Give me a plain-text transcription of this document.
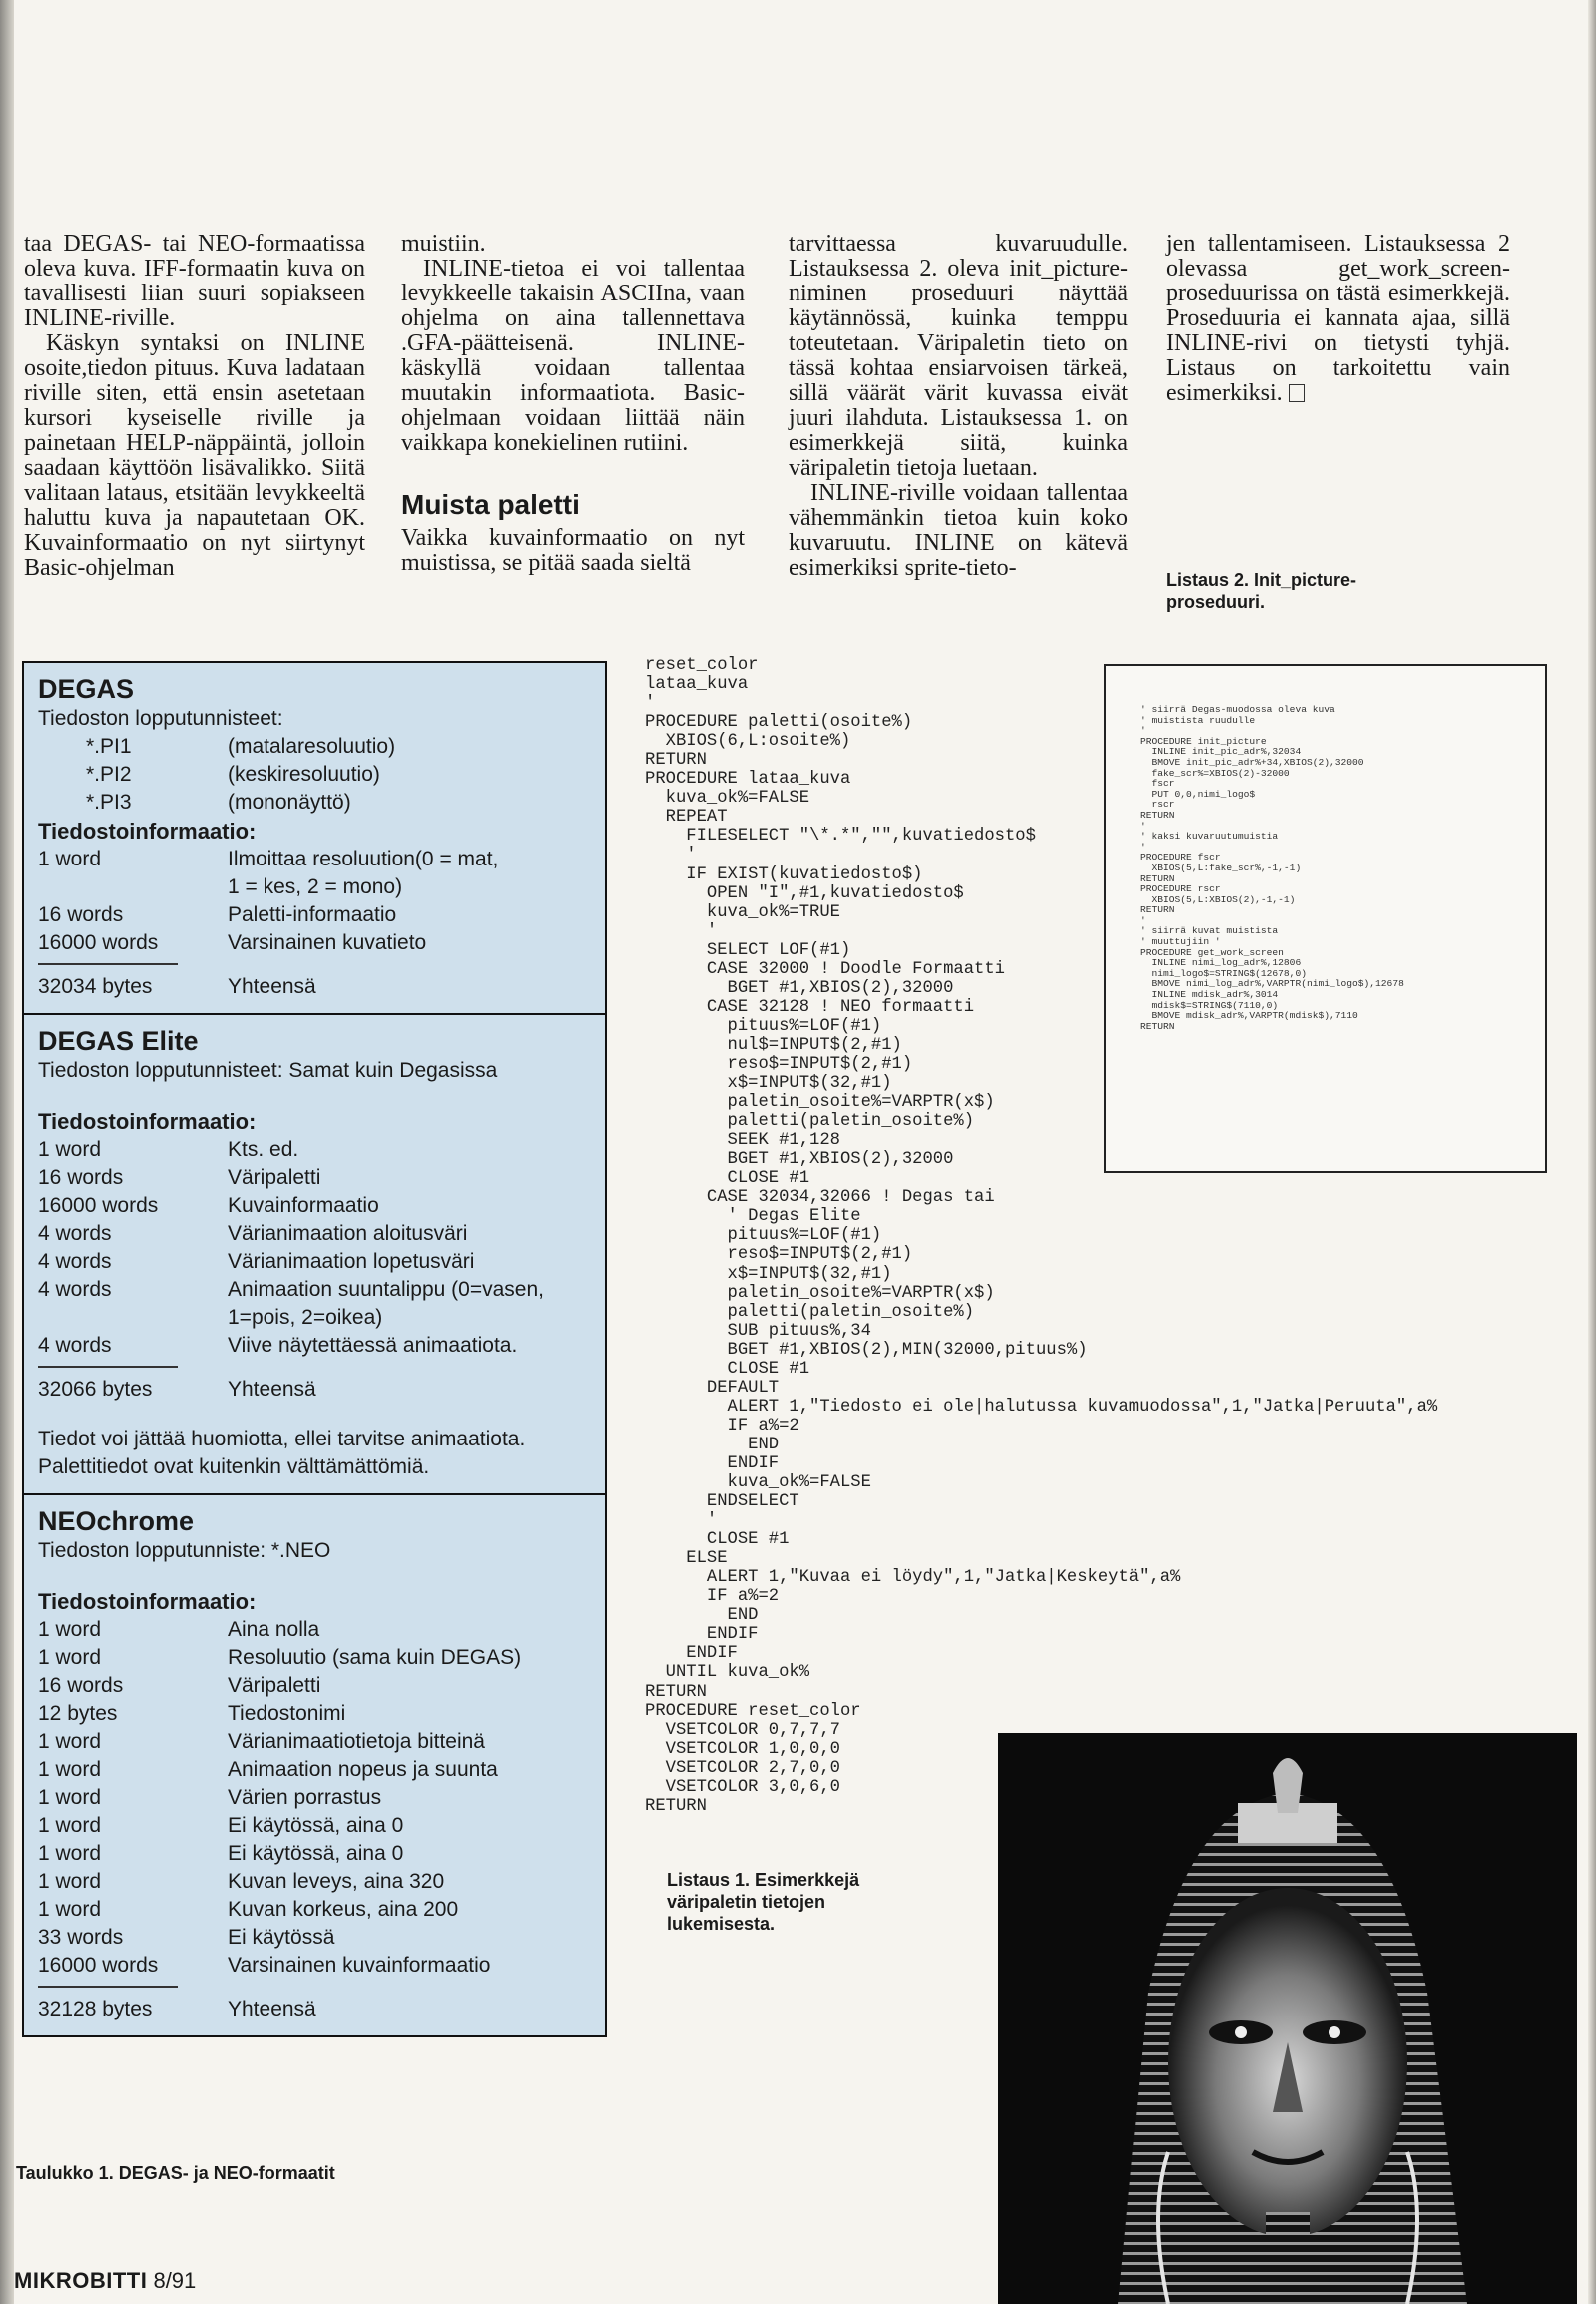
taa DEGAS- tai NEO-formaatissa oleva kuva. IFF-formaatin kuva on tavallisesti liian suuri sopiakseen INLINE-riville.

Käskyn syntaksi on INLINE osoite,tiedon pituus. Kuva ladataan riville siten, että ensin asetetaan kursori kyseiselle riville ja painetaan HELP-näppäintä, jolloin saadaan käyttöön lisävalikko. Siitä valitaan lataus, etsitään levykkeeltä haluttu kuva ja napautetaan OK. Kuvainformaatio on nyt siirtynyt Basic-ohjelman

muistiin.

INLINE-tietoa ei voi tallentaa levykkeelle takaisin ASCIIna, vaan ohjelma on aina tallennettava .GFA-päätteisenä. INLINE-käskyllä voidaan tallentaa muutakin informaatiota. Basic-ohjelmaan voidaan liittää näin vaikkapa konekielinen rutiini.

Muista paletti

Vaikka kuvainformaatio on nyt muistissa, se pitää saada sieltä

tarvittaessa kuvaruudulle. Listauksessa 2. oleva init_picture-niminen proseduuri näyttää käytännössä, kuinka temppu toteutetaan. Väripaletin tieto on tässä kohtaa ensiarvoisen tärkeä, sillä väärät värit kuvassa eivät juuri ilahduta. Listauksessa 1. on esimerkkejä siitä, kuinka väripaletin tietoja luetaan.

INLINE-riville voidaan tallentaa vähemmänkin tietoa kuin koko kuvaruutu. INLINE on kätevä esimerkiksi sprite-tieto-

jen tallentamiseen. Listauksessa 2 olevassa get_work_screen-proseduurissa on tästä esimerkkejä. Proseduuria ei kannata ajaa, sillä INLINE-rivi on tietysti tyhjä. Listaus on tarkoitettu vain esimerkiksi.

Listaus 2. Init_picture-proseduuri.
DEGAS
Tiedoston lopputunnisteet:
*.PI1	(matalaresoluutio)
*.PI2	(keskiresoluutio)
*.PI3	(mononäyttö)
Tiedostoinformaatio:
1 word	Ilmoittaa resoluution(0 = mat,
1 = kes, 2 = mono)
16 words	Paletti-informaatio
16000 words	Varsinainen kuvatieto
32034 bytes	Yhteensä
DEGAS Elite
Tiedoston lopputunnisteet: Samat kuin Degasissa
Tiedostoinformaatio:
1 word	Kts. ed.
16 words	Väripaletti
16000 words	Kuvainformaatio
4 words	Värianimaation aloitusväri
4 words	Värianimaation lopetusväri
4 words	Animaation suuntalippu (0=vasen,
1=pois, 2=oikea)
4 words	Viive näytettäessä animaatiota.
32066 bytes	Yhteensä
Tiedot voi jättää huomiotta, ellei tarvitse animaatiota.
Palettitiedot ovat kuitenkin välttämättömiä.
NEOchrome
Tiedoston lopputunniste: *.NEO
Tiedostoinformaatio:
1 word	Aina nolla
1 word	Resoluutio (sama kuin DEGAS)
16 words	Väripaletti
12 bytes	Tiedostonimi
1 word	Värianimaatiotietoja bitteinä
1 word	Animaation nopeus ja suunta
1 word	Värien porrastus
1 word	Ei käytössä, aina 0
1 word	Ei käytössä, aina 0
1 word	Kuvan leveys, aina 320
1 word	Kuvan korkeus, aina 200
33 words	Ei käytössä
16000 words	Varsinainen kuvainformaatio
32128 bytes	Yhteensä
Taulukko 1. DEGAS- ja NEO-formaatit
reset_color
lataa_kuva
'
PROCEDURE paletti(osoite%)
XBIOS(6,L:osoite%)
RETURN
PROCEDURE lataa_kuva
kuva_ok%=FALSE
REPEAT
FILESELECT "\*.*","",kuvatiedosto$
'
IF EXIST(kuvatiedosto$)
OPEN "I",#1,kuvatiedosto$
kuva_ok%=TRUE
'
SELECT LOF(#1)
CASE 32000 ! Doodle Formaatti
BGET #1,XBIOS(2),32000
CASE 32128 ! NEO formaatti
pituus%=LOF(#1)
nul$=INPUT$(2,#1)
reso$=INPUT$(2,#1)
x$=INPUT$(32,#1)
paletin_osoite%=VARPTR(x$)
paletti(paletin_osoite%)
SEEK #1,128
BGET #1,XBIOS(2),32000
CLOSE #1
CASE 32034,32066 ! Degas tai
' Degas Elite
pituus%=LOF(#1)
reso$=INPUT$(2,#1)
x$=INPUT$(32,#1)
paletin_osoite%=VARPTR(x$)
paletti(paletin_osoite%)
SUB pituus%,34
BGET #1,XBIOS(2),MIN(32000,pituus%)
CLOSE #1
DEFAULT
ALERT 1,"Tiedosto ei ole|halutussa kuvamuodossa",1,"Jatka|Peruuta",a%
IF a%=2
END
ENDIF
kuva_ok%=FALSE
ENDSELECT
'
CLOSE #1
ELSE
ALERT 1,"Kuvaa ei löydy",1,"Jatka|Keskeytä",a%
IF a%=2
END
ENDIF
ENDIF
UNTIL kuva_ok%
RETURN
PROCEDURE reset_color
VSETCOLOR 0,7,7,7
VSETCOLOR 1,0,0,0
VSETCOLOR 2,7,0,0
VSETCOLOR 3,0,6,0
RETURN
Listaus 1. Esimerkkejä väripaletin tietojen lukemisesta.
' siirrä Degas-muodossa oleva kuva
' muistista ruudulle
'
PROCEDURE init_picture
INLINE init_pic_adr%,32034
BMOVE init_pic_adr%+34,XBIOS(2),32000
fake_scr%=XBIOS(2)-32000
fscr
PUT 0,0,nimi_logo$
rscr
RETURN
'
' kaksi kuvaruutumuistia
'
PROCEDURE fscr
XBIOS(5,L:fake_scr%,-1,-1)
RETURN
PROCEDURE rscr
XBIOS(5,L:XBIOS(2),-1,-1)
RETURN
'
' siirrä kuvat muistista
' muuttujiin '
PROCEDURE get_work_screen
INLINE nimi_log_adr%,12806
nimi_logo$=STRING$(12678,0)
BMOVE nimi_log_adr%,VARPTR(nimi_logo$),12678
INLINE mdisk_adr%,3014
mdisk$=STRING$(7110,0)
BMOVE mdisk_adr%,VARPTR(mdisk$),7110
RETURN
MIKROBITTI 8/91
